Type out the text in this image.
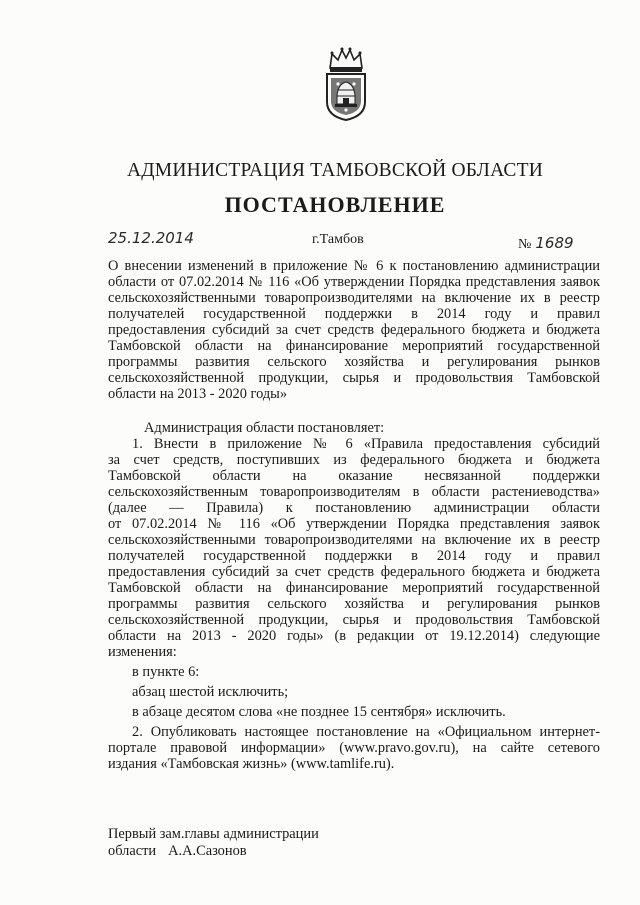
АДМИНИСТРАЦИЯ ТАМБОВСКОЙ ОБЛАСТИ
ПОСТАНОВЛЕНИЕ
25.12.2014	г.Тамбов	№ 1689
О внесении изменений в приложение № 6 к постановлению администрации
области от 07.02.2014 № 116 «Об утверждении Порядка представления заявок
сельскохозяйственными товаропроизводителями на включение их в реестр
получателей государственной поддержки в 2014 году и правил
предоставления субсидий за счет средств федерального бюджета и бюджета
Тамбовской области на финансирование мероприятий государственной
программы развития сельского хозяйства и регулирования рынков
сельскохозяйственной продукции, сырья и продовольствия Тамбовской
области на 2013 - 2020 годы»
Администрация области постановляет:
1. Внести в приложение № 6 «Правила предоставления субсидий
за счет средств, поступивших из федерального бюджета и бюджета
Тамбовской области на оказание несвязанной поддержки
сельскохозяйственным товаропроизводителям в области растениеводства»
(далее — Правила) к постановлению администрации области
от 07.02.2014 № 116 «Об утверждении Порядка представления заявок
сельскохозяйственными товаропроизводителями на включение их в реестр
получателей государственной поддержки в 2014 году и правил
предоставления субсидий за счет средств федерального бюджета и бюджета
Тамбовской области на финансирование мероприятий государственной
программы развития сельского хозяйства и регулирования рынков
сельскохозяйственной продукции, сырья и продовольствия Тамбовской
области на 2013 - 2020 годы» (в редакции от 19.12.2014) следующие
изменения:
в пункте 6:
абзац шестой исключить;
в абзаце десятом слова «не позднее 15 сентября» исключить.
2. Опубликовать настоящее постановление на «Официальном интернет-
портале правовой информации» (www.pravo.gov.ru), на сайте сетевого
издания «Тамбовская жизнь» (www.tamlife.ru).
Первый зам.главы администрации
области А.А.Сазонов
